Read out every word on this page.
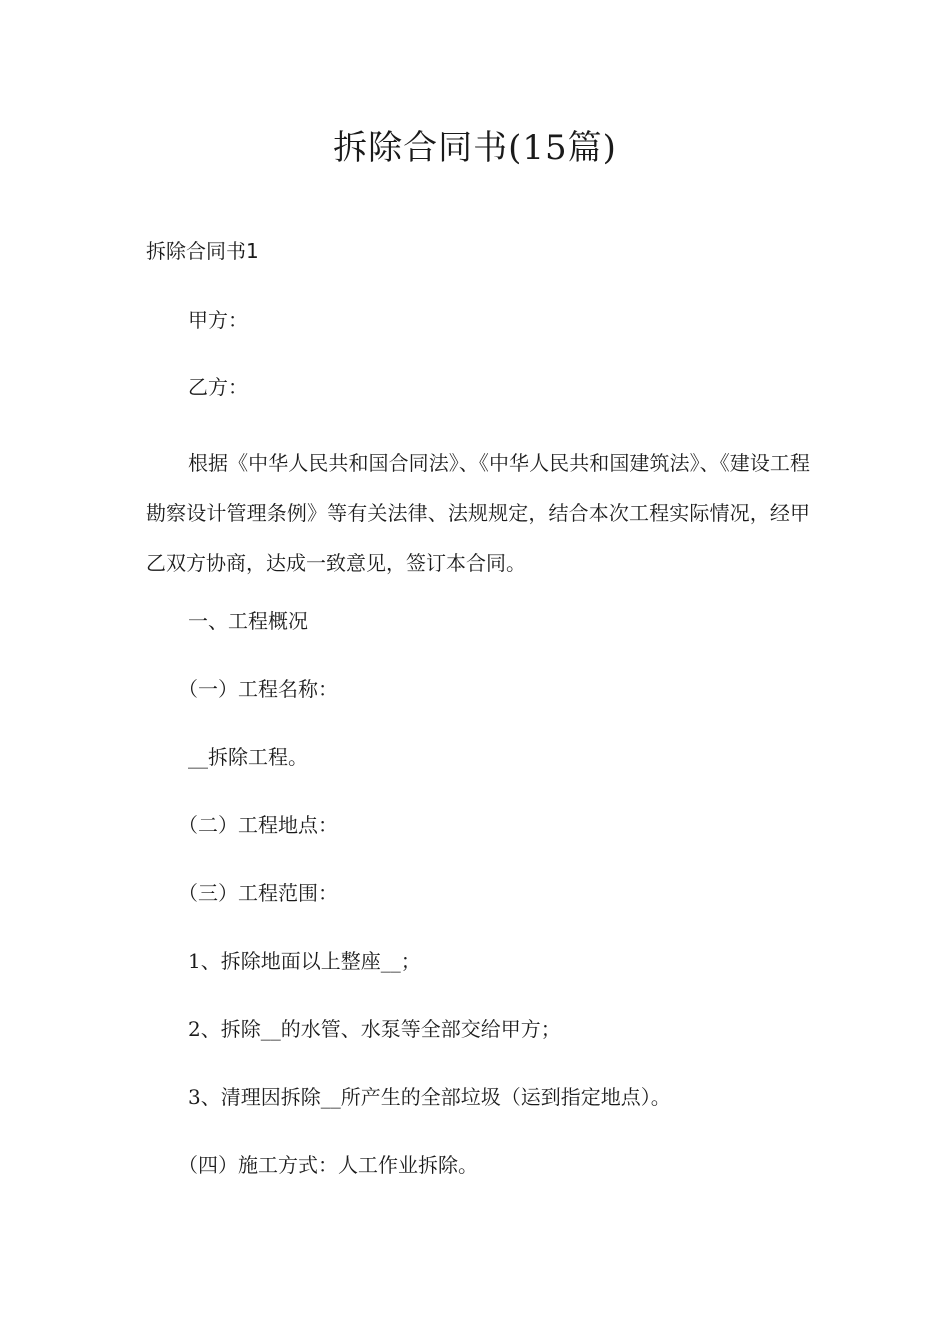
拆除合同书(15篇)
拆除合同书1

甲方：

乙方：

根据《中华人民共和国合同法》、《中华人民共和国建筑法》、《建设工程勘察设计管理条例》等有关法律、法规规定，结合本次工程实际情况，经甲乙双方协商，达成一致意见，签订本合同。

一、工程概况

（一）工程名称：

__拆除工程。

（二）工程地点：

（三）工程范围：

1、拆除地面以上整座__；

2、拆除__的水管、水泵等全部交给甲方；

3、清理因拆除__所产生的全部垃圾（运到指定地点）。

（四）施工方式：人工作业拆除。
